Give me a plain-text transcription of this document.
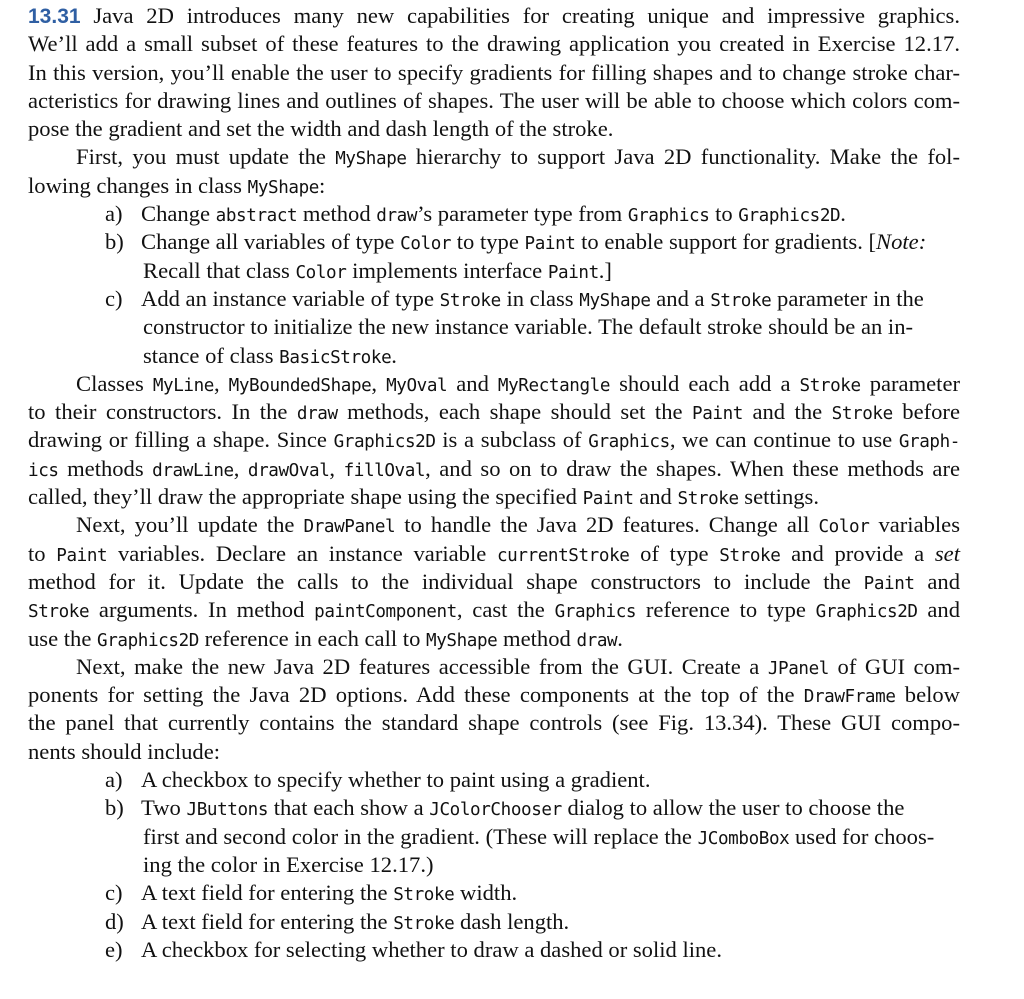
13.31 Java 2D introduces many new capabilities for creating unique and impressive graphics.
We’ll add a small subset of these features to the drawing application you created in Exercise 12.17.
In this version, you’ll enable the user to specify gradients for filling shapes and to change stroke char-
acteristics for drawing lines and outlines of shapes. The user will be able to choose which colors com-
pose the gradient and set the width and dash length of the stroke.
First, you must update the MyShape hierarchy to support Java 2D functionality. Make the fol-
lowing changes in class MyShape:
a) Change abstract method draw’s parameter type from Graphics to Graphics2D.
b) Change all variables of type Color to type Paint to enable support for gradients. [Note:
Recall that class Color implements interface Paint.]
c) Add an instance variable of type Stroke in class MyShape and a Stroke parameter in the
constructor to initialize the new instance variable. The default stroke should be an in-
stance of class BasicStroke.
Classes MyLine, MyBoundedShape, MyOval and MyRectangle should each add a Stroke parameter
to their constructors. In the draw methods, each shape should set the Paint and the Stroke before
drawing or filling a shape. Since Graphics2D is a subclass of Graphics, we can continue to use Graph-
ics methods drawLine, drawOval, fillOval, and so on to draw the shapes. When these methods are
called, they’ll draw the appropriate shape using the specified Paint and Stroke settings.
Next, you’ll update the DrawPanel to handle the Java 2D features. Change all Color variables
to Paint variables. Declare an instance variable currentStroke of type Stroke and provide a set
method for it. Update the calls to the individual shape constructors to include the Paint and
Stroke arguments. In method paintComponent, cast the Graphics reference to type Graphics2D and
use the Graphics2D reference in each call to MyShape method draw.
Next, make the new Java 2D features accessible from the GUI. Create a JPanel of GUI com-
ponents for setting the Java 2D options. Add these components at the top of the DrawFrame below
the panel that currently contains the standard shape controls (see Fig. 13.34). These GUI compo-
nents should include:
a) A checkbox to specify whether to paint using a gradient.
b) Two JButtons that each show a JColorChooser dialog to allow the user to choose the
first and second color in the gradient. (These will replace the JComboBox used for choos-
ing the color in Exercise 12.17.)
c) A text field for entering the Stroke width.
d) A text field for entering the Stroke dash length.
e) A checkbox for selecting whether to draw a dashed or solid line.
